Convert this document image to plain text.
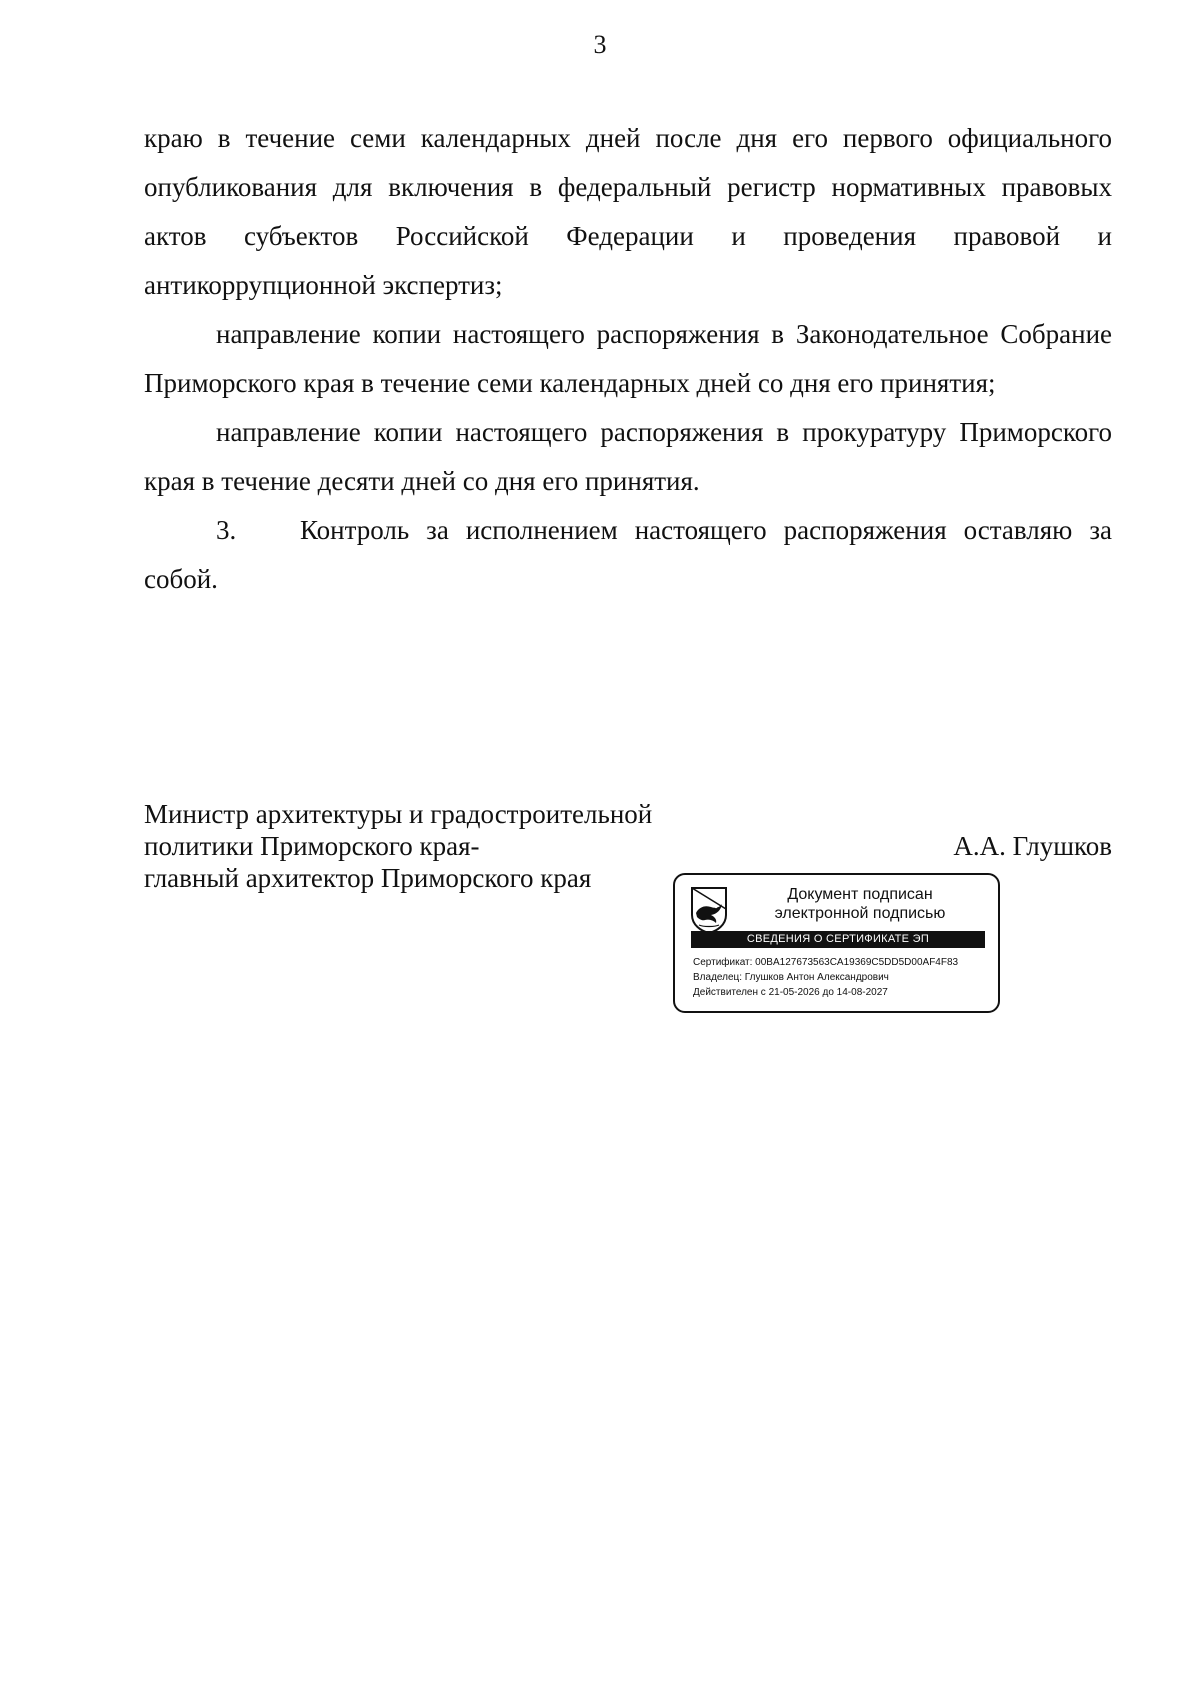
3

краю в течение семи календарных дней после дня его первого официального опубликования для включения в федеральный регистр нормативных правовых актов субъектов Российской Федерации и проведения правовой и антикоррупционной экспертиз;

направление копии настоящего распоряжения в Законодательное Собрание Приморского края в течение семи календарных дней со дня его принятия;

направление копии настоящего распоряжения в прокуратуру Приморского края в течение десяти дней со дня его принятия.

3. Контроль за исполнением настоящего распоряжения оставляю за собой.

Министр архитектуры и градостроительной
политики Приморского края-
главный архитектор Приморского края
А.А. Глушков
Документ подписан
электронной подписью
СВЕДЕНИЯ О СЕРТИФИКАТЕ ЭП
Сертификат: 00BA127673563CA19369C5DD5D00AF4F83
Владелец: Глушков Антон Александрович
Действителен с 21-05-2026 до 14-08-2027
